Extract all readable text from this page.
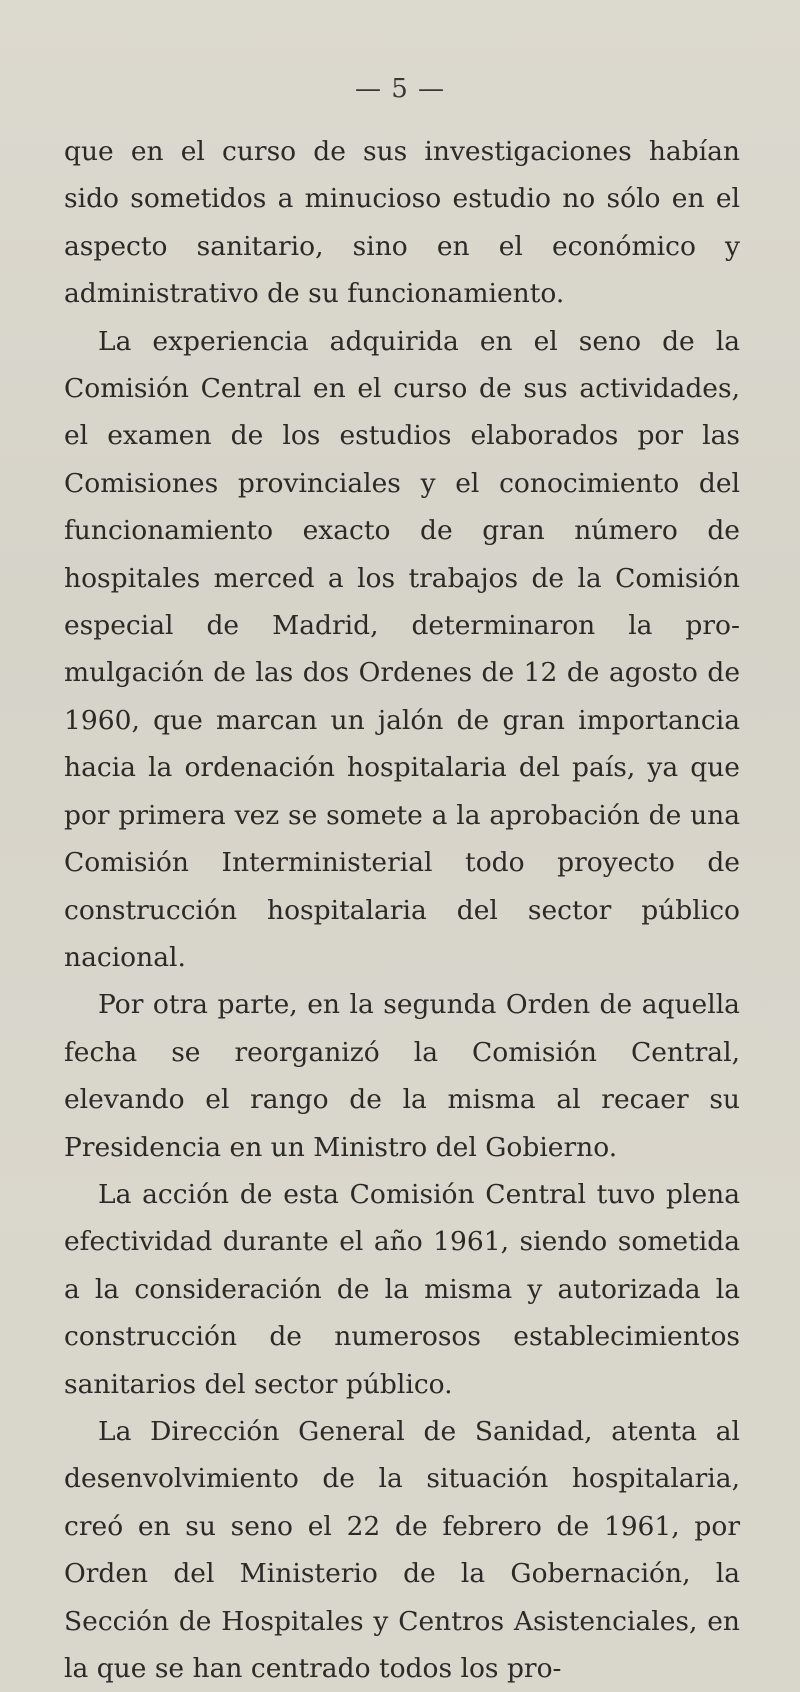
— 5 —

que en el curso de sus investigaciones habían sido sometidos a minucioso estudio no sólo en el aspecto sanitario, sino en el económico y administrativo de su funcionamiento.

La experiencia adquirida en el seno de la Comisión Central en el curso de sus actividades, el examen de los estudios elaborados por las Comisiones provinciales y el conocimiento del funcionamiento exacto de gran número de hospitales merced a los trabajos de la Comisión especial de Madrid, determinaron la promulgación de las dos Ordenes de 12 de agosto de 1960, que marcan un jalón de gran importancia hacia la ordenación hospitalaria del país, ya que por primera vez se somete a la aprobación de una Comisión Interministerial todo proyecto de construcción hospitalaria del sector público nacional.

Por otra parte, en la segunda Orden de aquella fecha se reorganizó la Comisión Central, elevando el rango de la misma al recaer su Presidencia en un Ministro del Gobierno.

La acción de esta Comisión Central tuvo plena efectividad durante el año 1961, siendo sometida a la consideración de la misma y autorizada la construcción de numerosos establecimientos sanitarios del sector público.

La Dirección General de Sanidad, atenta al desenvolvimiento de la situación hospitalaria, creó en su seno el 22 de febrero de 1961, por Orden del Ministerio de la Gobernación, la Sección de Hospitales y Centros Asistenciales, en la que se han centrado todos los pro-
